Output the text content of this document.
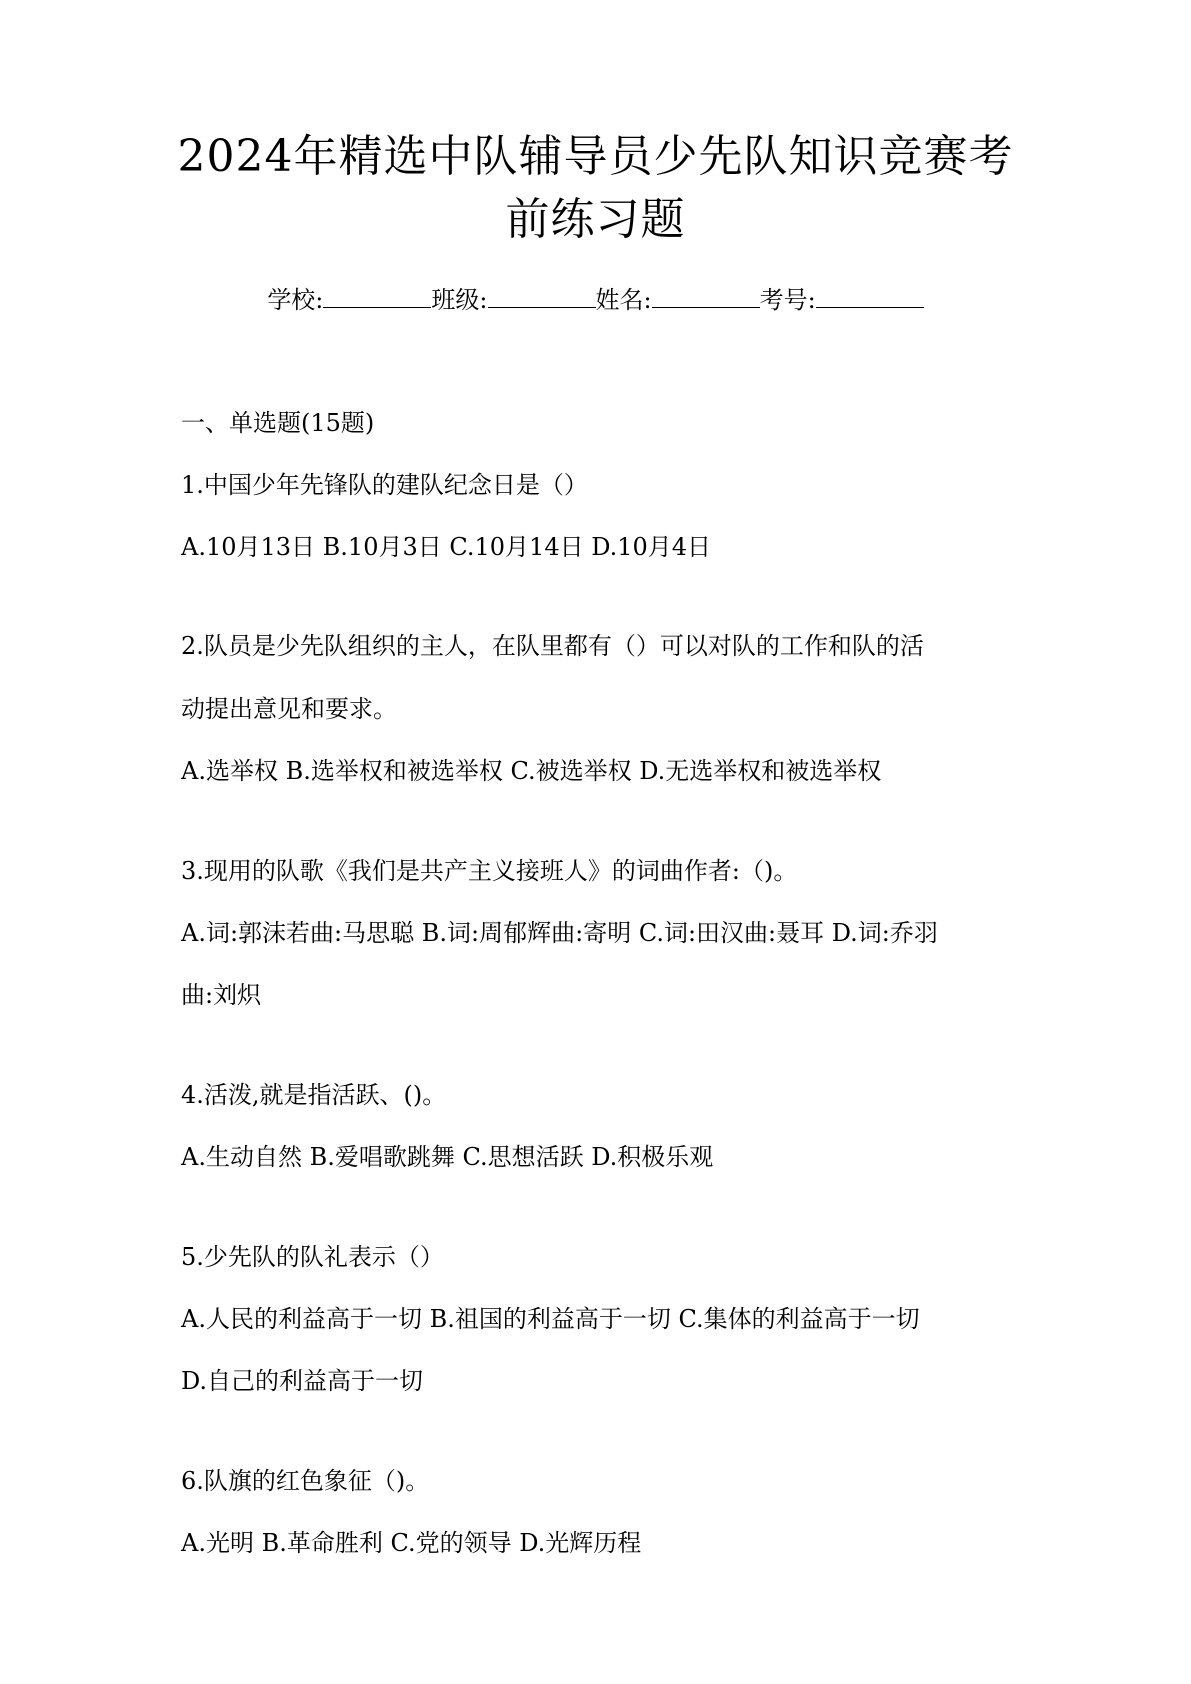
2024年精选中队辅导员少先队知识竞赛考
前练习题
学校:	班级:	姓名:	考号:
一、单选题(15题)
1.中国少年先锋队的建队纪念日是（）
A.10月13日 B.10月3日 C.10月14日 D.10月4日
2.队员是少先队组织的主人，在队里都有（）可以对队的工作和队的活
动提出意见和要求。
A.选举权 B.选举权和被选举权 C.被选举权 D.无选举权和被选举权
3.现用的队歌《我们是共产主义接班人》的词曲作者:（)。
A.词:郭沫若曲:马思聪 B.词:周郁辉曲:寄明 C.词:田汉曲:聂耳 D.词:乔羽
曲:刘炽
4.活泼,就是指活跃、()。
A.生动自然 B.爱唱歌跳舞 C.思想活跃 D.积极乐观
5.少先队的队礼表示（）
A.人民的利益高于一切 B.祖国的利益高于一切 C.集体的利益高于一切
D.自己的利益高于一切
6.队旗的红色象征（)。
A.光明 B.革命胜利 C.党的领导 D.光辉历程
